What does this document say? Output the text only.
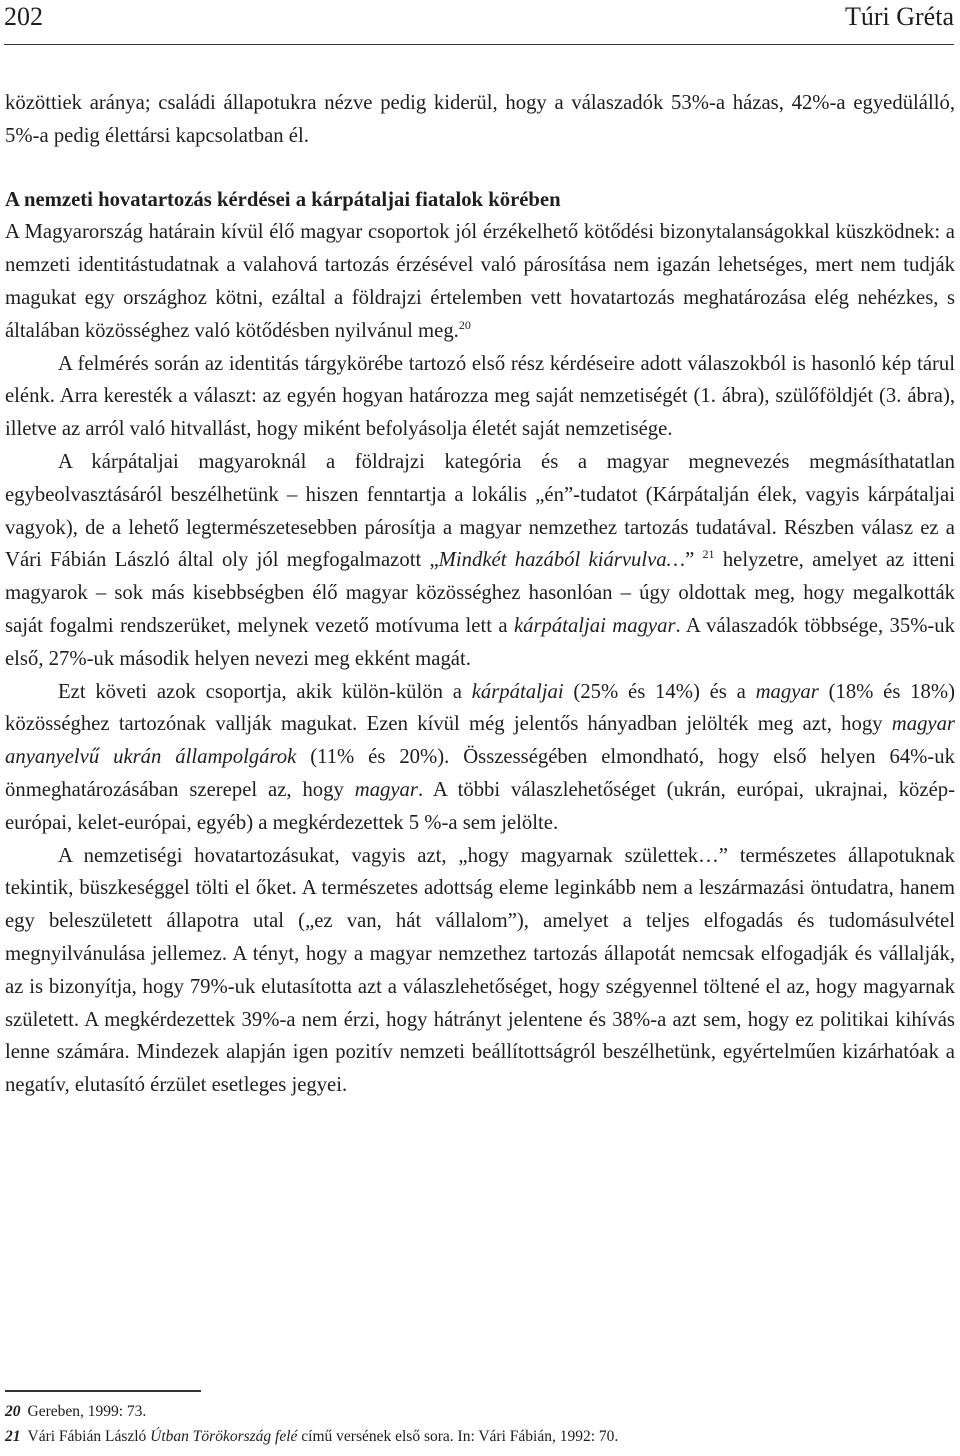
202	Túri Gréta

közöttiek aránya; családi állapotukra nézve pedig kiderül, hogy a válaszadók 53%-a házas, 42%-a egyedülálló, 5%-a pedig élettársi kapcsolatban él.

A nemzeti hovatartozás kérdései a kárpátaljai fiatalok körében

A Magyarország határain kívül élő magyar csoportok jól érzékelhető kötődési bizonytalanságokkal küszködnek: a nemzeti identitástudatnak a valahová tartozás érzésével való párosítása nem igazán lehetséges, mert nem tudják magukat egy országhoz kötni, ezáltal a földrajzi értelemben vett hovatartozás meghatározása elég nehézkes, s általában közösséghez való kötődésben nyilvánul meg.$^{20}$

A felmérés során az identitás tárgykörébe tartozó első rész kérdéseire adott válaszokból is hasonló kép tárul elénk. Arra keresték a választ: az egyén hogyan határozza meg saját nemzetiségét (1. ábra), szülőföldjét (3. ábra), illetve az arról való hitvallást, hogy miként befolyásolja életét saját nemzetisége.

A kárpátaljai magyaroknál a földrajzi kategória és a magyar megnevezés megmásíthatatlan egybeolvasztásáról beszélhetünk – hiszen fenntartja a lokális „én”-tudatot (Kárpátalján élek, vagyis kárpátaljai vagyok), de a lehető legtermészetesebben párosítja a magyar nemzethez tartozás tudatával. Részben válasz ez a Vári Fábián László által oly jól megfogalmazott „Mindkét hazából kiárvulva…” $^{21}$ helyzetre, amelyet az itteni magyarok – sok más kisebbségben élő magyar közösséghez hasonlóan – úgy oldottak meg, hogy megalkották saját fogalmi rendszerüket, melynek vezető motívuma lett a kárpátaljai magyar. A válaszadók többsége, 35%-uk első, 27%-uk második helyen nevezi meg ekként magát.

Ezt követi azok csoportja, akik külön-külön a kárpátaljai (25% és 14%) és a magyar (18% és 18%) közösséghez tartozónak vallják magukat. Ezen kívül még jelentős hányadban jelölték meg azt, hogy magyar anyanyelvű ukrán állampolgárok (11% és 20%). Összességében elmondható, hogy első helyen 64%-uk önmeghatározásában szerepel az, hogy magyar. A többi válaszlehetőséget (ukrán, európai, ukrajnai, közép-európai, kelet-európai, egyéb) a megkérdezettek 5 %-a sem jelölte.

A nemzetiségi hovatartozásukat, vagyis azt, „hogy magyarnak születtek…” természetes állapotuknak tekintik, büszkeséggel tölti el őket. A természetes adottság eleme leginkább nem a leszármazási öntudatra, hanem egy beleszületett állapotra utal („ez van, hát vállalom”), amelyet a teljes elfogadás és tudomásulvétel megnyilvánulása jellemez. A tényt, hogy a magyar nemzethez tartozás állapotát nemcsak elfogadják és vállalják, az is bizonyítja, hogy 79%-uk elutasította azt a válaszlehetőséget, hogy szégyennel töltené el az, hogy magyarnak született. A megkérdezettek 39%-a nem érzi, hogy hátrányt jelentene és 38%-a azt sem, hogy ez politikai kihívás lenne számára. Mindezek alapján igen pozitív nemzeti beállítottságról beszélhetünk, egyértelműen kizárhatóak a negatív, elutasító érzület esetleges jegyei.

20 Gereben, 1999: 73.

21 Vári Fábián László Útban Törökország felé című versének első sora. In: Vári Fábián, 1992: 70.
